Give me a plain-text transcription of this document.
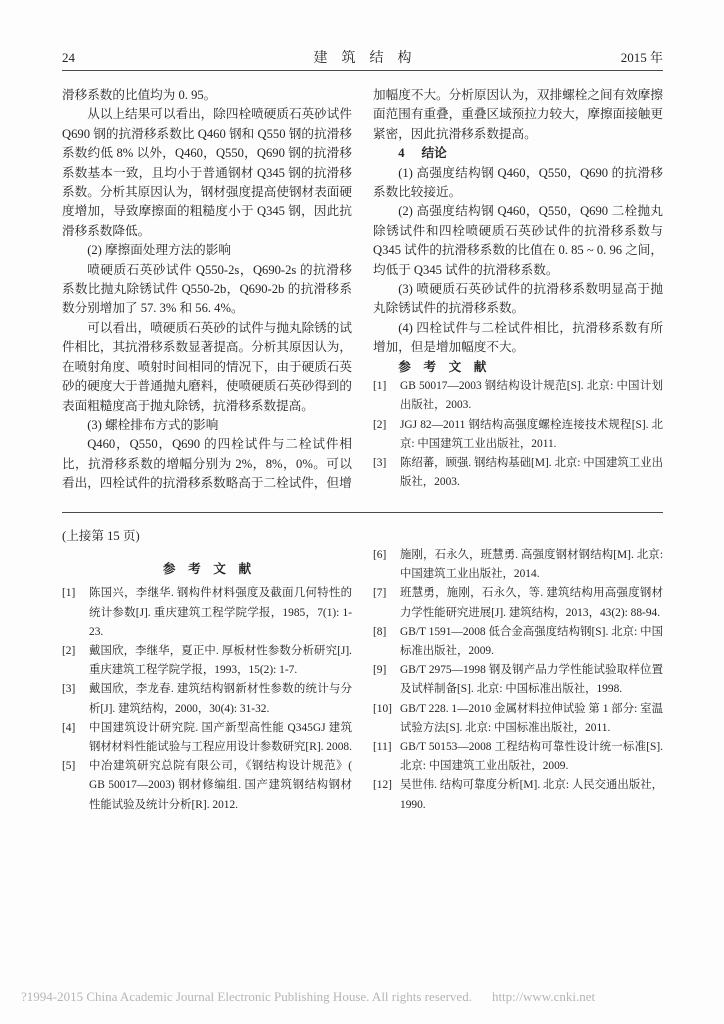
24	建　筑　结　构	2015 年

滑移系数的比值均为 0. 95。

从以上结果可以看出，除四栓喷硬质石英砂试件 Q690 钢的抗滑移系数比 Q460 钢和 Q550 钢的抗滑移系数约低 8% 以外，Q460，Q550，Q690 钢的抗滑移系数基本一致，且均小于普通钢材 Q345 钢的抗滑移系数。分析其原因认为，钢材强度提高使钢材表面硬度增加，导致摩擦面的粗糙度小于 Q345 钢，因此抗滑移系数降低。

(2) 摩擦面处理方法的影响

喷硬质石英砂试件 Q550-2s，Q690-2s 的抗滑移系数比抛丸除锈试件 Q550-2b，Q690-2b 的抗滑移系数分别增加了 57. 3% 和 56. 4%。

可以看出，喷硬质石英砂的试件与抛丸除锈的试件相比，其抗滑移系数显著提高。分析其原因认为，在喷射角度、喷射时间相同的情况下，由于硬质石英砂的硬度大于普通抛丸磨料，使喷硬质石英砂得到的表面粗糙度高于抛丸除锈，抗滑移系数提高。

(3) 螺栓排布方式的影响

Q460，Q550，Q690 的四栓试件与二栓试件相比，抗滑移系数的增幅分别为 2%，8%，0%。可以看出，四栓试件的抗滑移系数略高于二栓试件，但增

加幅度不大。分析原因认为，双排螺栓之间有效摩擦面范围有重叠，重叠区域预拉力较大，摩擦面接触更紧密，因此抗滑移系数提高。

4 结论

(1) 高强度结构钢 Q460，Q550，Q690 的抗滑移系数比较接近。

(2) 高强度结构钢 Q460，Q550，Q690 二栓抛丸除锈试件和四栓喷硬质石英砂试件的抗滑移系数与 Q345 试件的抗滑移系数的比值在 0. 85 ~ 0. 96 之间，均低于 Q345 试件的抗滑移系数。

(3) 喷硬质石英砂试件的抗滑移系数明显高于抛丸除锈试件的抗滑移系数。

(4) 四栓试件与二栓试件相比，抗滑移系数有所增加，但是增加幅度不大。

参　考　文　献

[1]	GB 50017—2003 钢结构设计规范[S]. 北京: 中国计划出版社，2003.
[2]	JGJ 82—2011 钢结构高强度螺栓连接技术规程[S]. 北京: 中国建筑工业出版社，2011.
[3]	陈绍蕃，顾强. 钢结构基础[M]. 北京: 中国建筑工业出版社，2003.

(上接第 15 页)

参　考　文　献

[1]	陈国兴，李继华. 钢构件材料强度及截面几何特性的统计参数[J]. 重庆建筑工程学院学报，1985，7(1): 1-23.
[2]	戴国欣，李继华，夏正中. 厚板材性参数分析研究[J]. 重庆建筑工程学院学报，1993，15(2): 1-7.
[3]	戴国欣，李龙春. 建筑结构钢新材性参数的统计与分析[J]. 建筑结构，2000，30(4): 31-32.
[4]	中国建筑设计研究院. 国产新型高性能 Q345GJ 建筑钢材材料性能试验与工程应用设计参数研究[R]. 2008.
[5]	中冶建筑研究总院有限公司，《钢结构设计规范》( GB 50017—2003) 钢材修编组. 国产建筑钢结构钢材性能试验及统计分析[R]. 2012.
[6]	施刚，石永久，班慧勇. 高强度钢材钢结构[M]. 北京: 中国建筑工业出版社，2014.
[7]	班慧勇，施刚，石永久，等. 建筑结构用高强度钢材力学性能研究进展[J]. 建筑结构，2013，43(2): 88-94.
[8]	GB/T 1591—2008 低合金高强度结构钢[S]. 北京: 中国标准出版社，2009.
[9]	GB/T 2975—1998 钢及钢产品力学性能试验取样位置及试样制备[S]. 北京: 中国标准出版社，1998.
[10] GB/T 228. 1—2010 金属材料拉伸试验 第 1 部分: 室温试验方法[S]. 北京: 中国标准出版社，2011.
[11] GB/T 50153—2008 工程结构可靠性设计统一标准[S]. 北京: 中国建筑工业出版社，2009.
[12] 吴世伟. 结构可靠度分析[M]. 北京: 人民交通出版社，1990.
?1994-2015 China Academic Journal Electronic Publishing House. All rights reserved. http://www.cnki.net
